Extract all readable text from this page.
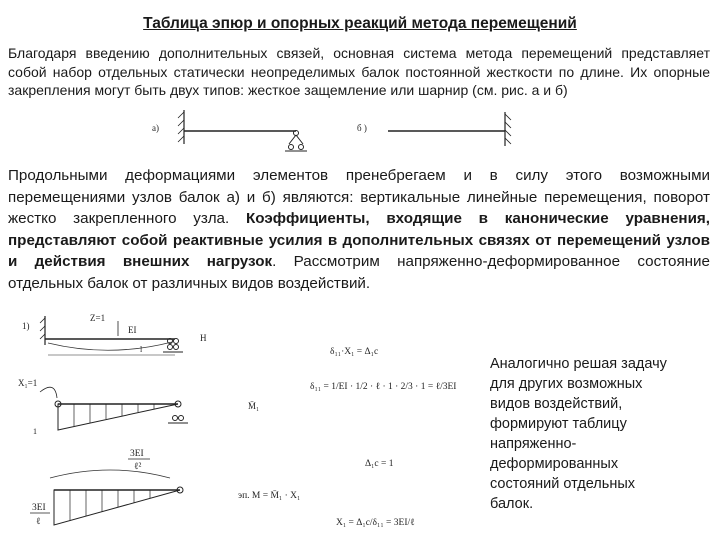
Таблица эпюр и опорных реакций метода перемещений

Благодаря введению дополнительных связей, основная система метода перемещений представляет собой набор отдельных статически неопределимых балок постоянной жесткости по длине. Их опорные закрепления могут быть двух типов: жесткое защемление или шарнир (см. рис. а и б)

а)	б )
1)
Z=1
EI
l
Н
X₁=1
1
M̄₁
3EI
ℓ²
3EI
ℓ
δ₁₁·X₁ = Δ₁c
δ₁₁ = 1/EI · 1/2 · ℓ · 1 · 2/3 · 1 = ℓ/3EI
Δ₁c = 1
эп. M = M̄₁ · X₁
X₁ = Δ₁c/δ₁₁ = 3EI/ℓ

Продольными деформациями элементов пренебрегаем и в силу этого возможными перемещениями узлов балок а) и б) являются: вертикальные линейные перемещения, поворот жестко закрепленного узла. Коэффициенты, входящие в канонические уравнения, представляют собой реактивные усилия в дополнительных связях от перемещений узлов и действия внешних нагрузок. Рассмотрим напряженно-деформированное состояние отдельных балок от различных видов воздействий.

Аналогично решая задачу
для других возможных
видов воздействий,
формируют таблицу
напряженно-
деформированных
состояний отдельных
балок.
